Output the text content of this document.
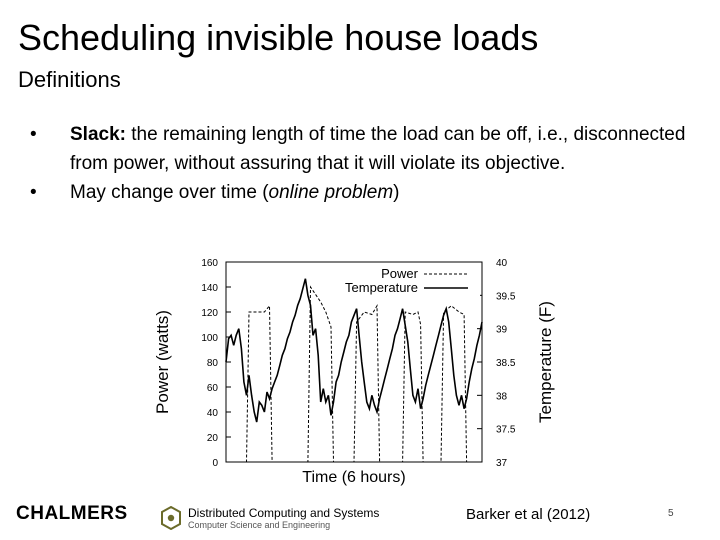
Scheduling invisible house loads
Definitions
•
Slack: the remaining length of time the load can be off, i.e., disconnected from power, without assuring that it will violate its objective.
•
May change over time (online problem)
0
20
40
60
80
100
120
140
160
37
37.5
38
38.5
39
39.5
40
Power
Temperature
Power (watts)	Temperature (F)
Time (6 hours)
CHALMERS	Distributed Computing and Systems
Computer Science and Engineering
Barker et al (2012)	5
